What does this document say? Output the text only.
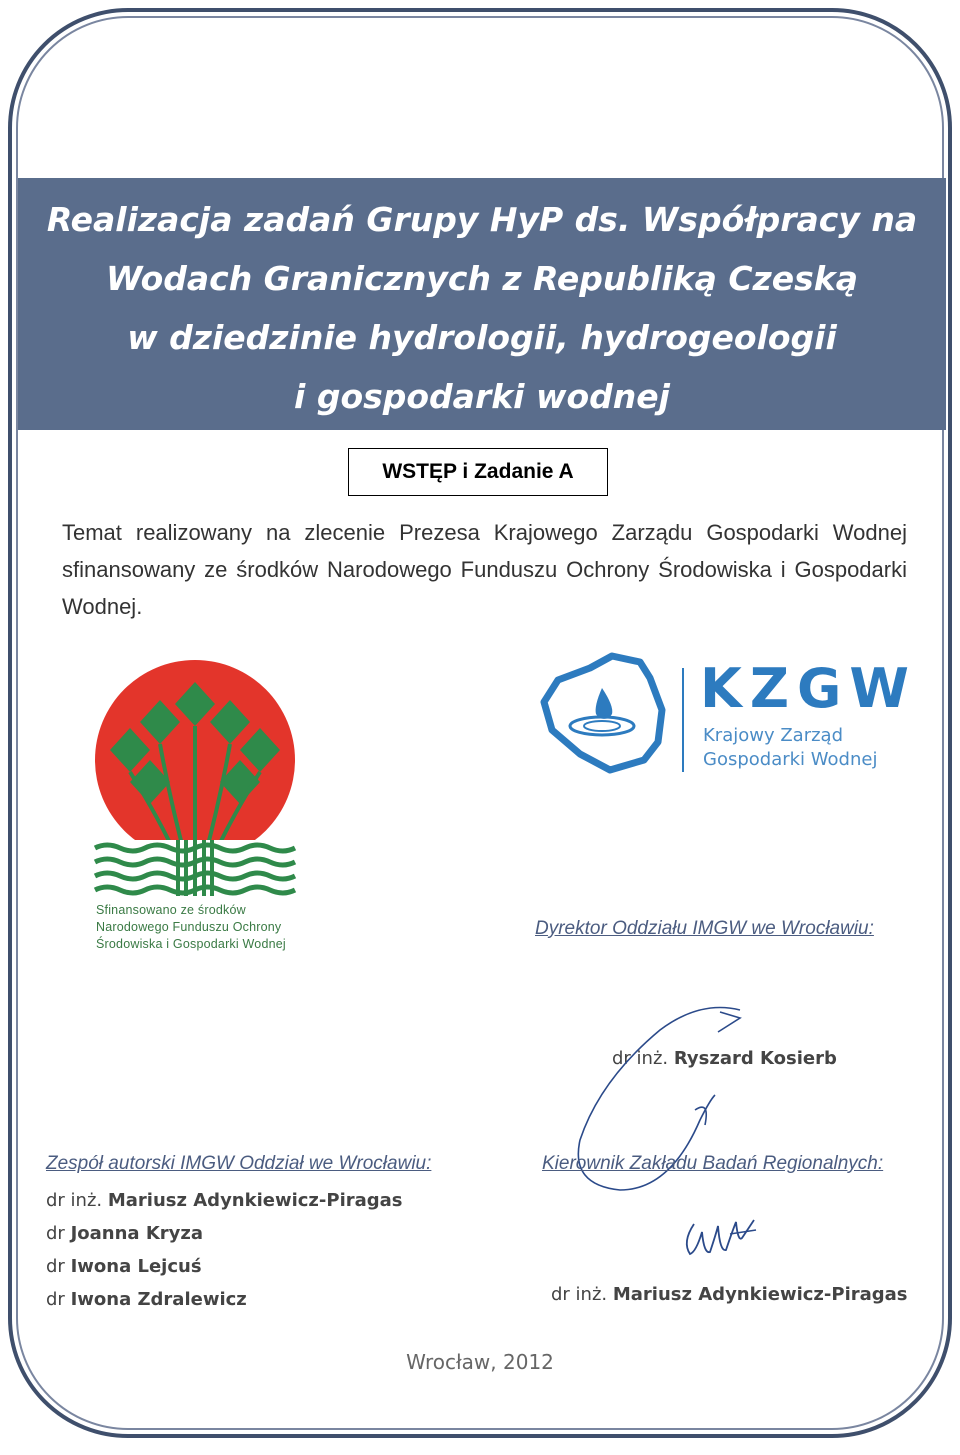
Realizacja zadań Grupy HyP ds. Współpracy na
Wodach Granicznych z Republiką Czeską
w dziedzinie hydrologii, hydrogeologii
i gospodarki wodnej
WSTĘP i Zadanie A
Temat realizowany na zlecenie Prezesa Krajowego Zarządu Gospodarki Wodnej sfinansowany ze środków Narodowego Funduszu Ochrony Środowiska i Gospodarki Wodnej.
Sfinansowano ze środków
Narodowego Funduszu Ochrony
Środowiska i Gospodarki Wodnej
KZGW
Krajowy Zarząd
Gospodarki Wodnej
Dyrektor Oddziału IMGW we Wrocławiu:
dr inż. Ryszard Kosierb
Zespół autorski IMGW Oddział we Wrocławiu:
dr inż. Mariusz Adynkiewicz-Piragas
dr Joanna Kryza
dr Iwona Lejcuś
dr Iwona Zdralewicz
Kierownik Zakładu Badań Regionalnych:
dr inż. Mariusz Adynkiewicz-Piragas
Wrocław, 2012
